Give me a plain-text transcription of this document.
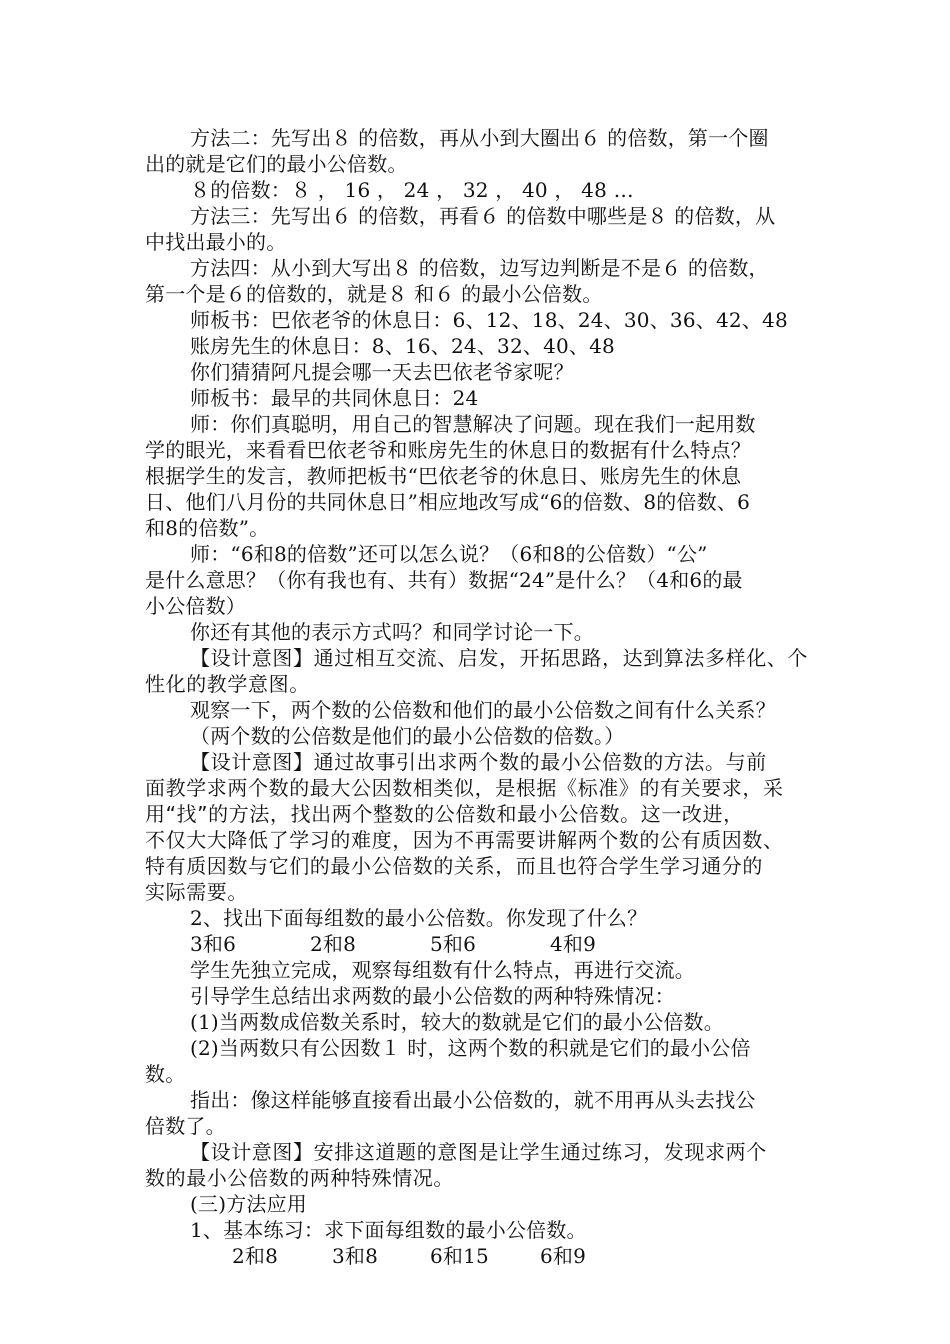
方法二：先写出８ 的倍数，再从小到大圈出６ 的倍数，第一个圈
出的就是它们的最小公倍数。
８的倍数：８ ， 16 ， 24 ， 32 ， 40 ， 48 …
方法三：先写出６ 的倍数，再看６ 的倍数中哪些是８ 的倍数，从
中找出最小的。
方法四：从小到大写出８ 的倍数，边写边判断是不是６ 的倍数，
第一个是６的倍数的，就是８ 和６ 的最小公倍数。
师板书：巴依老爷的休息日：6、12、18、24、30、36、42、48
账房先生的休息日：8、16、24、32、40、48
你们猜猜阿凡提会哪一天去巴依老爷家呢？
师板书：最早的共同休息日：24
师：你们真聪明，用自己的智慧解决了问题。现在我们一起用数
学的眼光，来看看巴依老爷和账房先生的休息日的数据有什么特点？
根据学生的发言，教师把板书“巴依老爷的休息日、账房先生的休息
日、他们八月份的共同休息日”相应地改写成“6的倍数、8的倍数、6
和8的倍数”。
师：“6和8的倍数”还可以怎么说？（6和8的公倍数）“公”
是什么意思？（你有我也有、共有）数据“24”是什么？（4和6的最
小公倍数）
你还有其他的表示方式吗？和同学讨论一下。
【设计意图】通过相互交流、启发，开拓思路，达到算法多样化、个
性化的教学意图。
观察一下，两个数的公倍数和他们的最小公倍数之间有什么关系？
（两个数的公倍数是他们的最小公倍数的倍数。）
【设计意图】通过故事引出求两个数的最小公倍数的方法。与前
面教学求两个数的最大公因数相类似，是根据《标准》的有关要求，采
用“找”的方法，找出两个整数的公倍数和最小公倍数。这一改进，
不仅大大降低了学习的难度，因为不再需要讲解两个数的公有质因数、
特有质因数与它们的最小公倍数的关系，而且也符合学生学习通分的
实际需要。
2、找出下面每组数的最小公倍数。你发现了什么？
3和6	2和8	5和6	4和9
学生先独立完成，观察每组数有什么特点，再进行交流。
引导学生总结出求两数的最小公倍数的两种特殊情况：
(1)当两数成倍数关系时，较大的数就是它们的最小公倍数。
(2)当两数只有公因数１ 时，这两个数的积就是它们的最小公倍
数。
指出：像这样能够直接看出最小公倍数的，就不用再从头去找公
倍数了。
【设计意图】安排这道题的意图是让学生通过练习，发现求两个
数的最小公倍数的两种特殊情况。
(三)方法应用
1、基本练习：求下面每组数的最小公倍数。
2和8	3和8	6和15	6和9
